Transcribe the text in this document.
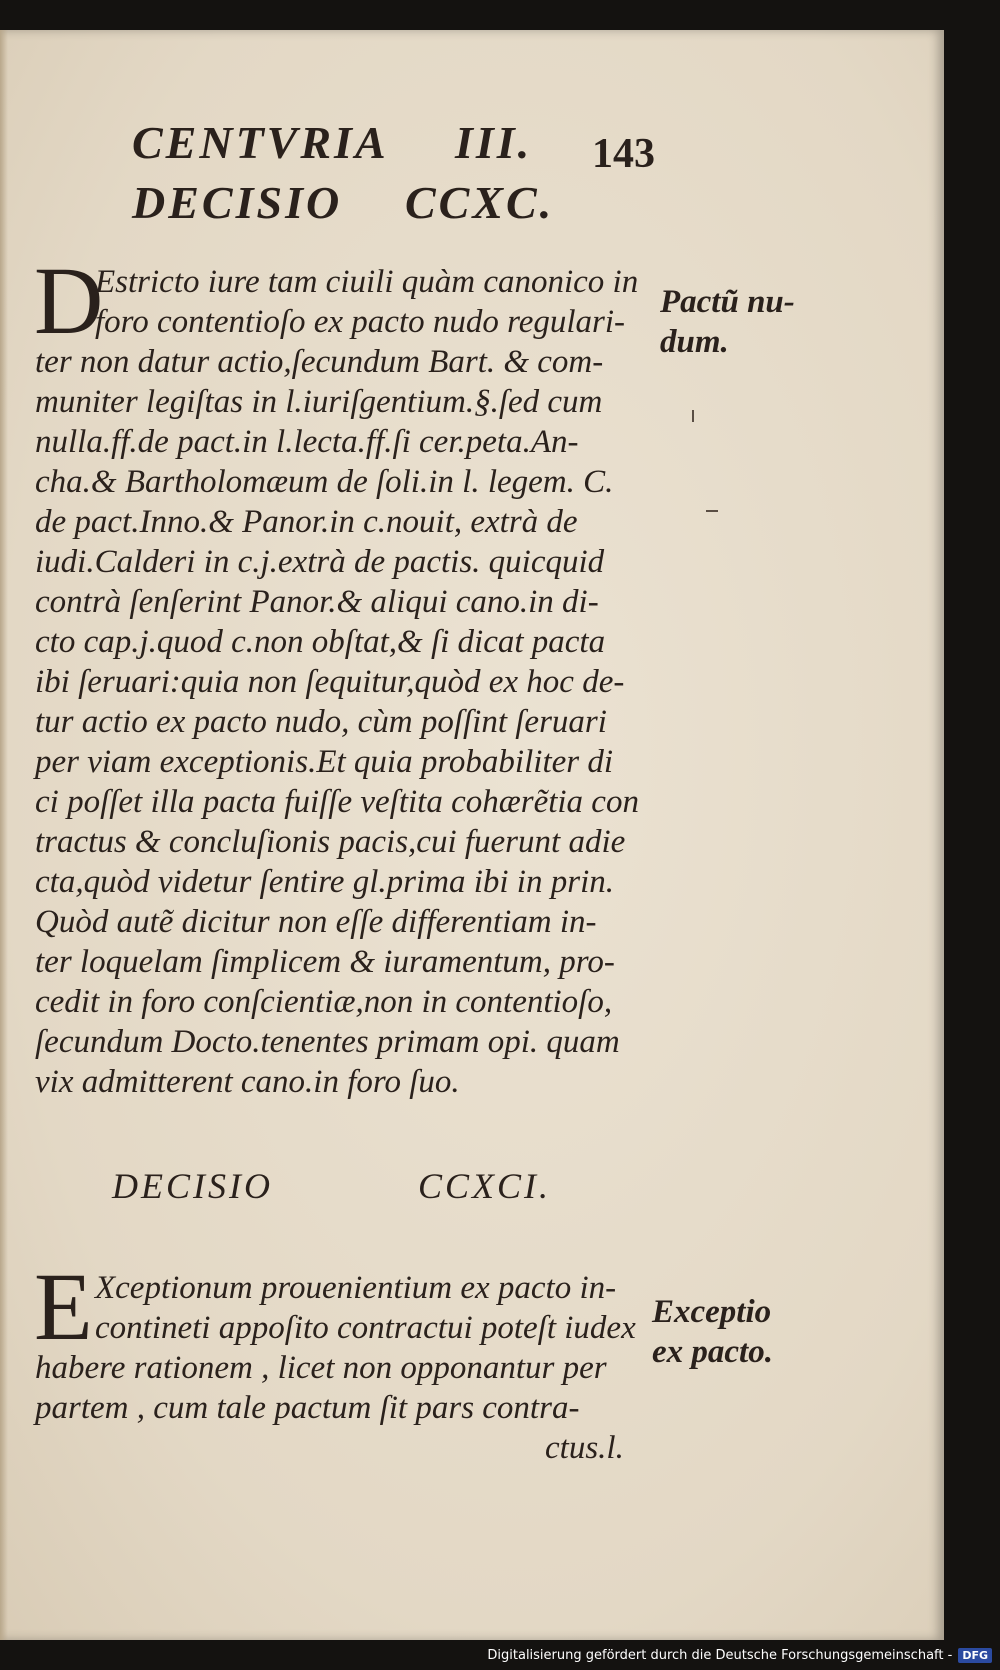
CENTVRIA III. 143
DECISIO CCXC.
D
Estricto iure tam ciuili quàm canonico in
foro contentioſo ex pacto nudo regulari-
ter non datur actio,ſecundum Bart. & com-
muniter legiſtas in l.iuriſgentium.§.ſed cum
nulla.ff.de pact.in l.lecta.ff.ſi cer.peta.An-
cha.& Bartholomæum de ſoli.in l. legem. C.
de pact.Inno.& Panor.in c.nouit, extrà de
iudi.Calderi in c.j.extrà de pactis. quicquid
contrà ſenſerint Panor.& aliqui cano.in di-
cto cap.j.quod c.non obſtat,& ſi dicat pacta
ibi ſeruari:quia non ſequitur,quòd ex hoc de-
tur actio ex pacto nudo, cùm poſſint ſeruari
per viam exceptionis.Et quia probabiliter di
ci poſſet illa pacta fuiſſe veſtita cohærẽtia con
tractus & concluſionis pacis,cui fuerunt adie
cta,quòd videtur ſentire gl.prima ibi in prin.
Quòd autẽ dicitur non eſſe differentiam in-
ter loquelam ſimplicem & iuramentum, pro-
cedit in foro conſcientiæ,non in contentioſo,
ſecundum Docto.tenentes primam opi. quam
vix admitterent cano.in foro ſuo.
Pactũ nu-
dum.
DECISIO	CCXCI.
E Xceptionum prouenientium ex pacto in-
contineti appoſito contractui poteſt iudex
habere rationem , licet non opponantur per
partem , cum tale pactum ſit pars contra-
ctus.l.
Exceptio
ex pacto.
Digitalisierung gefördert durch die Deutsche Forschungsgemeinschaft - DFG
